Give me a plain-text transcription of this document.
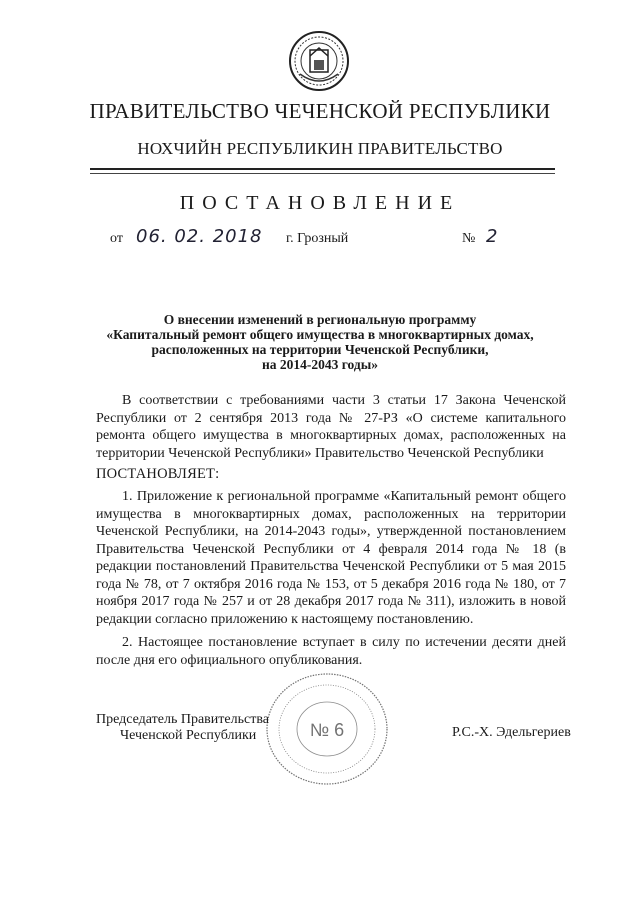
ПРАВИТЕЛЬСТВО ЧЕЧЕНСКОЙ РЕСПУБЛИКИ
НОХЧИЙН РЕСПУБЛИКИН ПРАВИТЕЛЬСТВО
ПОСТАНОВЛЕНИЕ
от 06. 02. 2018 г. Грозный	№ 2
О внесении изменений в региональную программу
«Капитальный ремонт общего имущества в многоквартирных домах,
расположенных на территории Чеченской Республики,
на 2014-2043 годы»
В соответствии с требованиями части 3 статьи 17 Закона Чеченской Республики от 2 сентября 2013 года № 27-РЗ «О системе капитального ремонта общего имущества в многоквартирных домах, расположенных на территории Чеченской Республики» Правительство Чеченской Республики
ПОСТАНОВЛЯЕТ:
1. Приложение к региональной программе «Капитальный ремонт общего имущества в многоквартирных домах, расположенных на территории Чеченской Республики, на 2014-2043 годы», утвержденной постановлением Правительства Чеченской Республики от 4 февраля 2014 года № 18 (в редакции постановлений Правительства Чеченской Республики от 5 мая 2015 года № 78, от 7 октября 2016 года № 153, от 5 декабря 2016 года № 180, от 7 ноября 2017 года № 257 и от 28 декабря 2017 года № 311), изложить в новой редакции согласно приложению к настоящему постановлению.
2. Настоящее постановление вступает в силу по истечении десяти дней после дня его официального опубликования.
№ 6
Председатель Правительства
Чеченской Республики	Р.С.-Х. Эдельгериев
